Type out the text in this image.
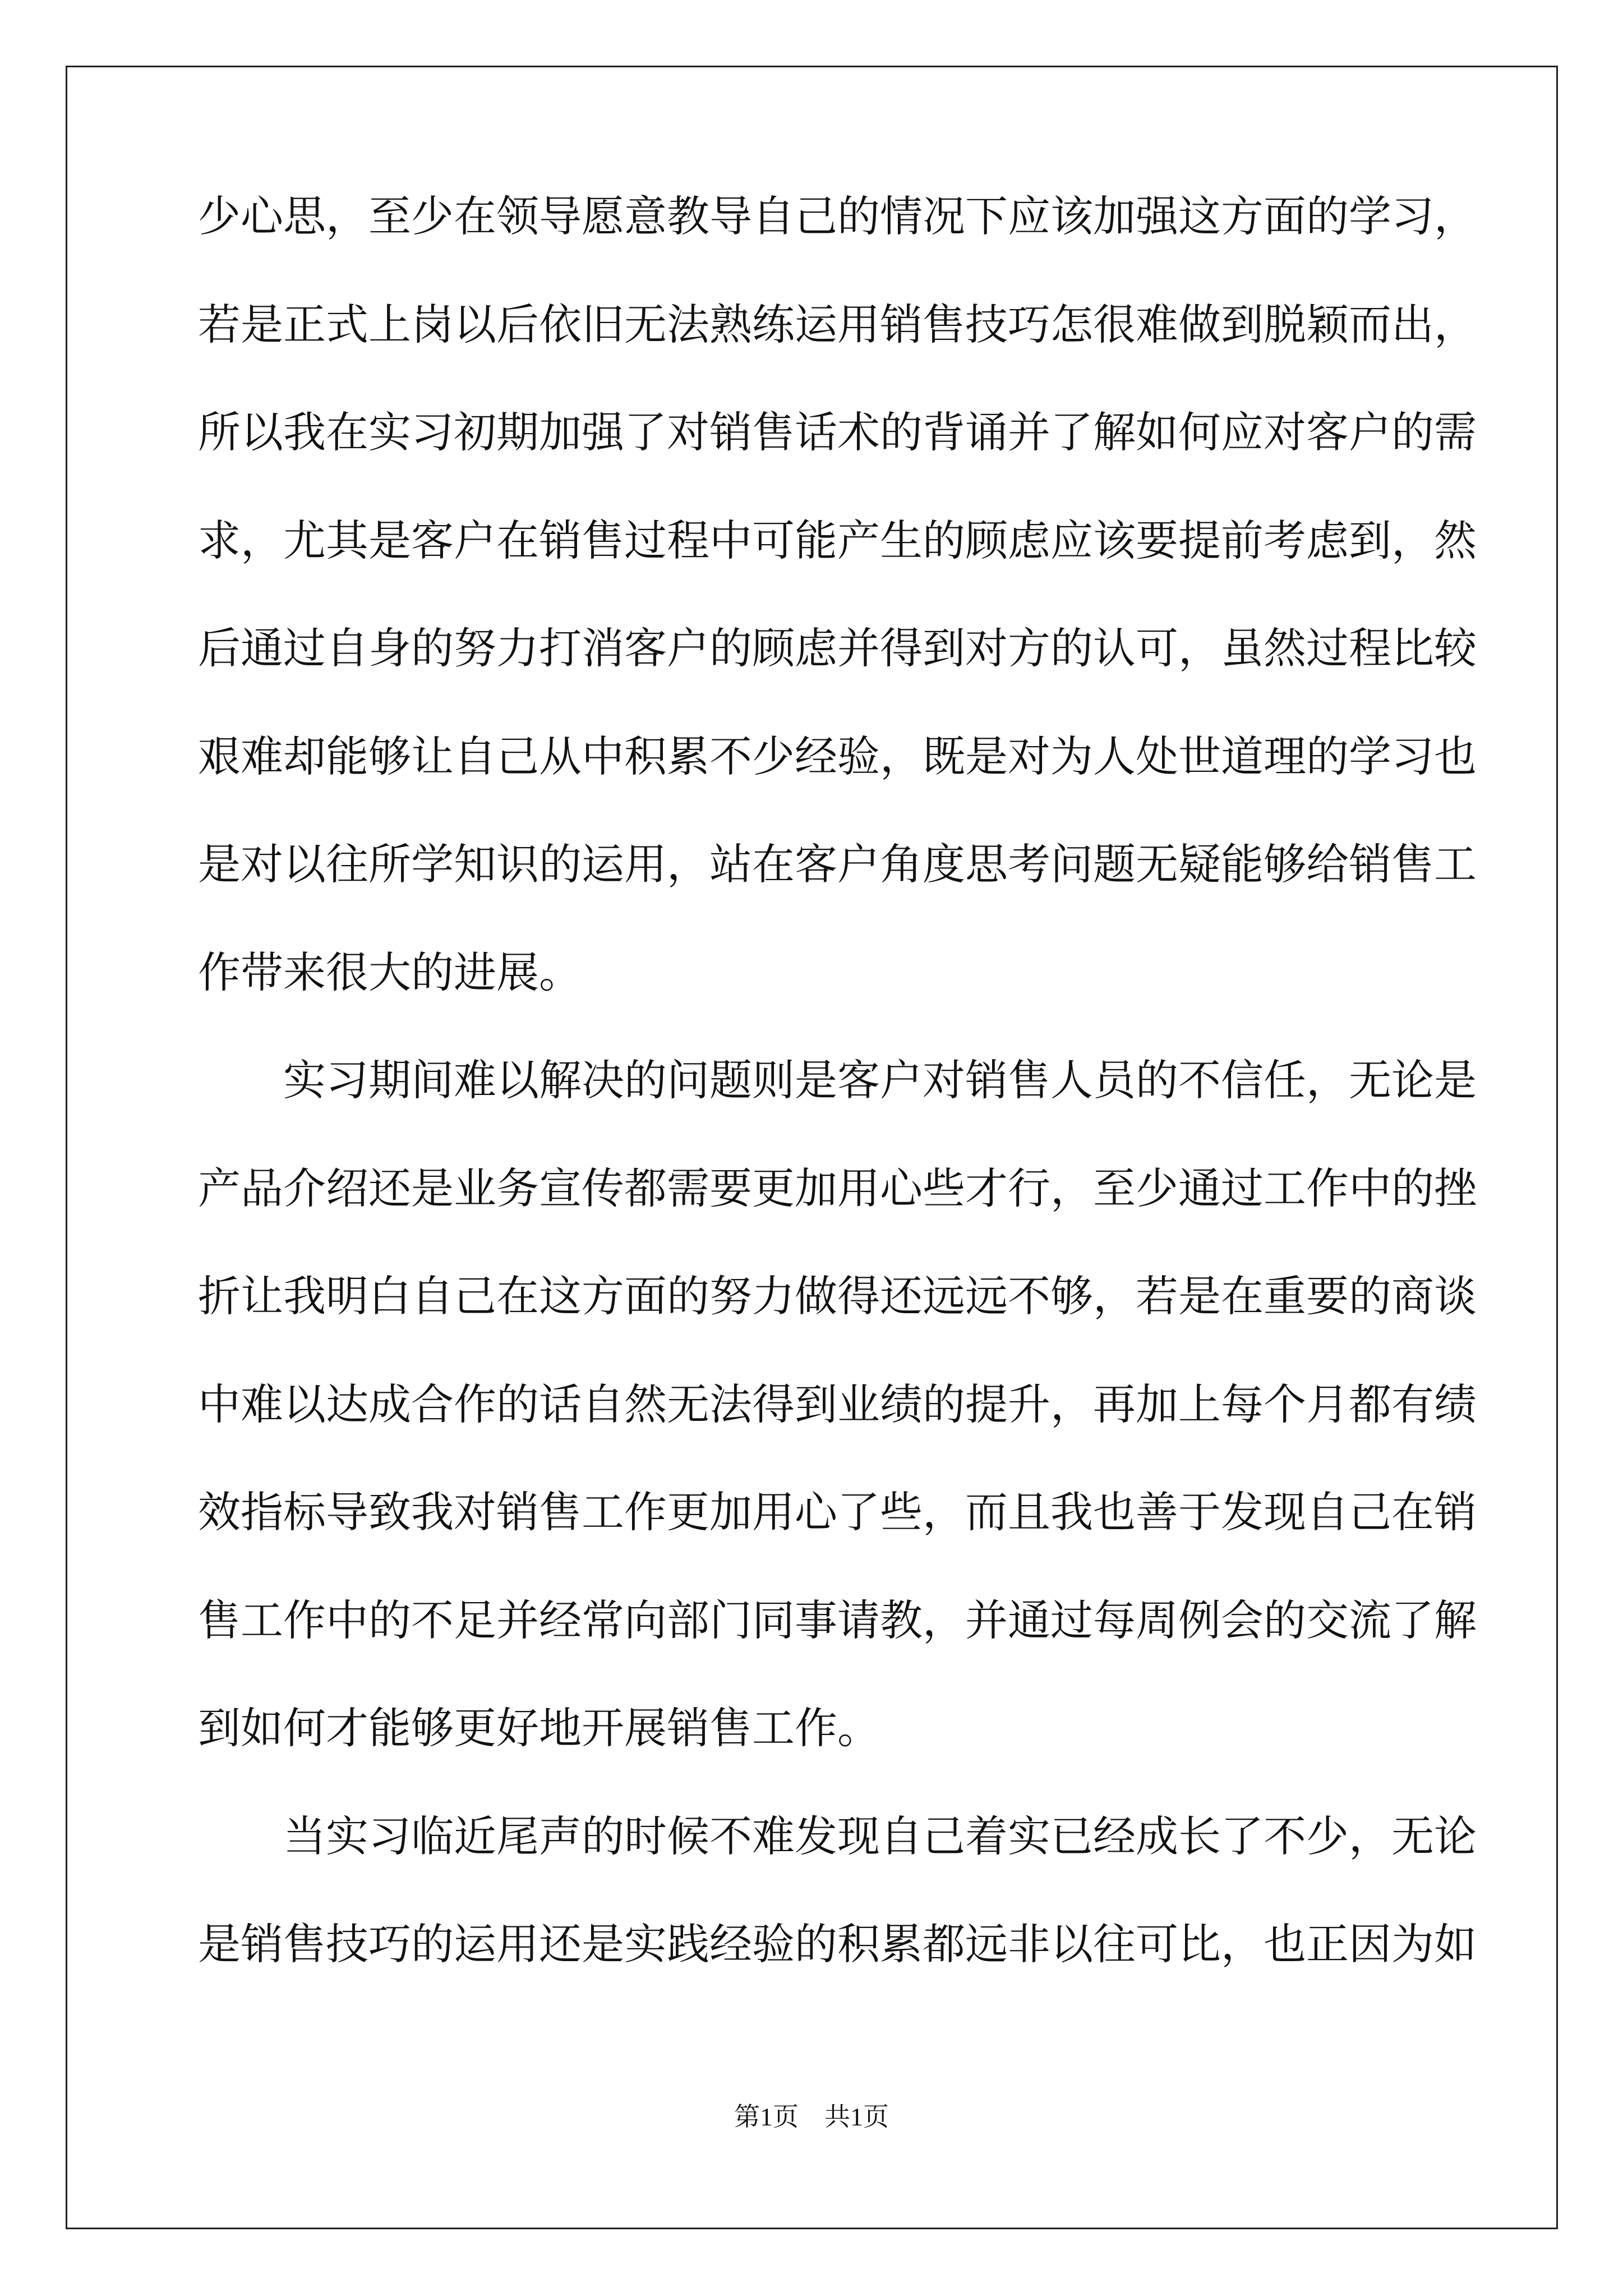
少心思，至少在领导愿意教导自己的情况下应该加强这方面的学习，
若是正式上岗以后依旧无法熟练运用销售技巧怎很难做到脱颖而出，
所以我在实习初期加强了对销售话术的背诵并了解如何应对客户的需
求，尤其是客户在销售过程中可能产生的顾虑应该要提前考虑到，然
后通过自身的努力打消客户的顾虑并得到对方的认可，虽然过程比较
艰难却能够让自己从中积累不少经验，既是对为人处世道理的学习也
是对以往所学知识的运用，站在客户角度思考问题无疑能够给销售工
作带来很大的进展。
实习期间难以解决的问题则是客户对销售人员的不信任，无论是
产品介绍还是业务宣传都需要更加用心些才行，至少通过工作中的挫
折让我明白自己在这方面的努力做得还远远不够，若是在重要的商谈
中难以达成合作的话自然无法得到业绩的提升，再加上每个月都有绩
效指标导致我对销售工作更加用心了些，而且我也善于发现自己在销
售工作中的不足并经常向部门同事请教，并通过每周例会的交流了解
到如何才能够更好地开展销售工作。
当实习临近尾声的时候不难发现自己着实已经成长了不少，无论
是销售技巧的运用还是实践经验的积累都远非以往可比，也正因为如
第1页　共1页
